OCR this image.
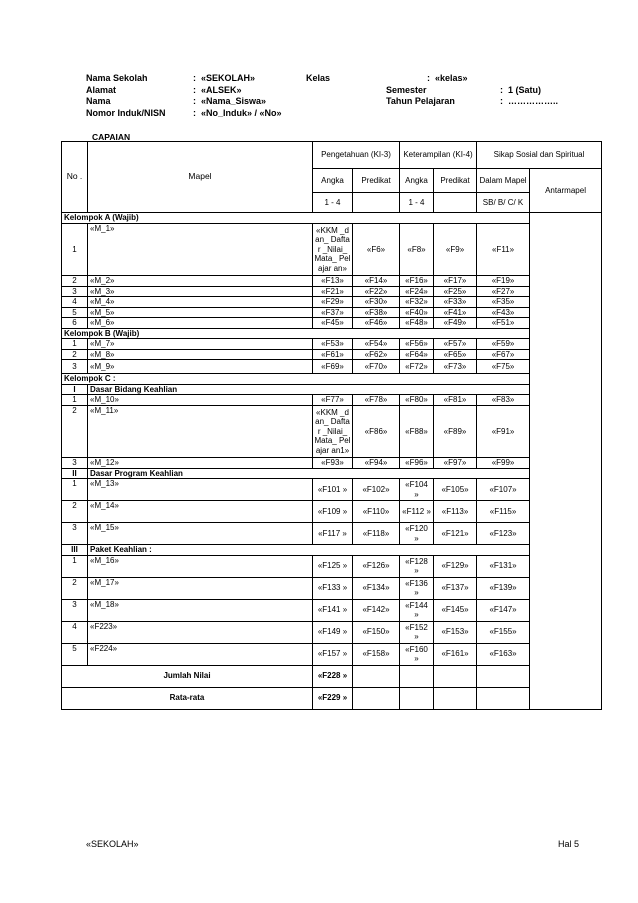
Nama Sekolah	: «SEKOLAH»	Kelas	: «kelas»
Alamat	: «ALSEK»	Semester	: 1 (Satu)
Nama	: «Nama_Siswa»	Tahun Pelajaran	: ……………..
Nomor Induk/NISN	: «No_Induk» / «No»
CAPAIAN
No .	Mapel	Pengetahuan (KI-3)		Keterampilan (KI-4)		Sikap Sosial dan Spiritual	
		Angka	Predikat	Angka	Predikat	Dalam Mapel	Antarmapel
		1 - 4		1 - 4		SB/ B/ C/ K	
Kelompok A (Wajib)							
1	«M_1»	«KKM _dan_ Daftar _Nilai_ Mata_ Pelajar an»	«F6»	«F8»	«F9»	«F11»	
2	«M_2»	«F13»	«F14»	«F16»	«F17»	«F19»	
3	«M_3»	«F21»	«F22»	«F24»	«F25»	«F27»	
4	«M_4»	«F29»	«F30»	«F32»	«F33»	«F35»	
5	«M_5»	«F37»	«F38»	«F40»	«F41»	«F43»	
6	«M_6»	«F45»	«F46»	«F48»	«F49»	«F51»	
Kelompok B (Wajib)							
1	«M_7»	«F53»	«F54»	«F56»	«F57»	«F59»	
2	«M_8»	«F61»	«F62»	«F64»	«F65»	«F67»	
3	«M_9»	«F69»	«F70»	«F72»	«F73»	«F75»	
Kelompok C :							
I	Dasar Bidang Keahlian						
1	«M_10»	«F77»	«F78»	«F80»	«F81»	«F83»	
2	«M_11»	«KKM _dan_ Daftar _Nilai_ Mata_ Pelajar an1»	«F86»	«F88»	«F89»	«F91»	
3	«M_12»	«F93»	«F94»	«F96»	«F97»	«F99»	
II	Dasar Program Keahlian						
1	«M_13»	«F101 »	«F102»	«F104 »	«F105»	«F107»	
2	«M_14»	«F109 »	«F110»	«F112 »	«F113»	«F115»	
3	«M_15»	«F117 »	«F118»	«F120 »	«F121»	«F123»	
III	Paket Keahlian :						
1	«M_16»	«F125 »	«F126»	«F128 »	«F129»	«F131»	
2	«M_17»	«F133 »	«F134»	«F136 »	«F137»	«F139»	
3	«M_18»	«F141 »	«F142»	«F144 »	«F145»	«F147»	
4	«F223»	«F149 »	«F150»	«F152 »	«F153»	«F155»	
5	«F224»	«F157 »	«F158»	«F160 »	«F161»	«F163»	
Jumlah Nilai		«F228 »					
Rata-rata		«F229 »					
«SEKOLAH»	Hal 5
